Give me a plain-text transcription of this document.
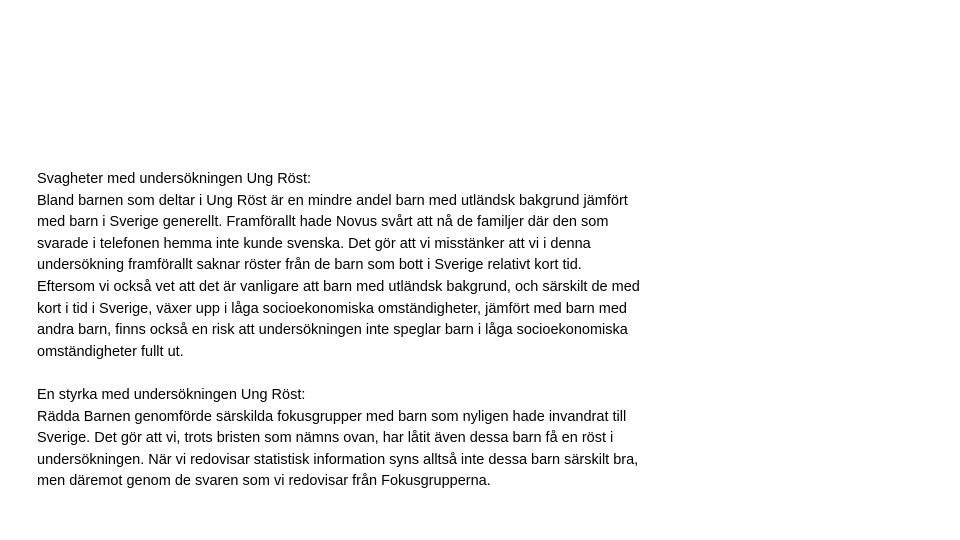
Svagheter med undersökningen Ung Röst:
Bland barnen som deltar i Ung Röst är en mindre andel barn med utländsk bakgrund jämfört
med barn i Sverige generellt. Framförallt hade Novus svårt att nå de familjer där den som
svarade i telefonen hemma inte kunde svenska. Det gör att vi misstänker att vi i denna
undersökning framförallt saknar röster från de barn som bott i Sverige relativt kort tid.
Eftersom vi också vet att det är vanligare att barn med utländsk bakgrund, och särskilt de med
kort i tid i Sverige, växer upp i låga socioekonomiska omständigheter, jämfört med barn med
andra barn, finns också en risk att undersökningen inte speglar barn i låga socioekonomiska
omständigheter fullt ut.
En styrka med undersökningen Ung Röst:
Rädda Barnen genomförde särskilda fokusgrupper med barn som nyligen hade invandrat till
Sverige. Det gör att vi, trots bristen som nämns ovan, har låtit även dessa barn få en röst i
undersökningen. När vi redovisar statistisk information syns alltså inte dessa barn särskilt bra,
men däremot genom de svaren som vi redovisar från Fokusgrupperna.
